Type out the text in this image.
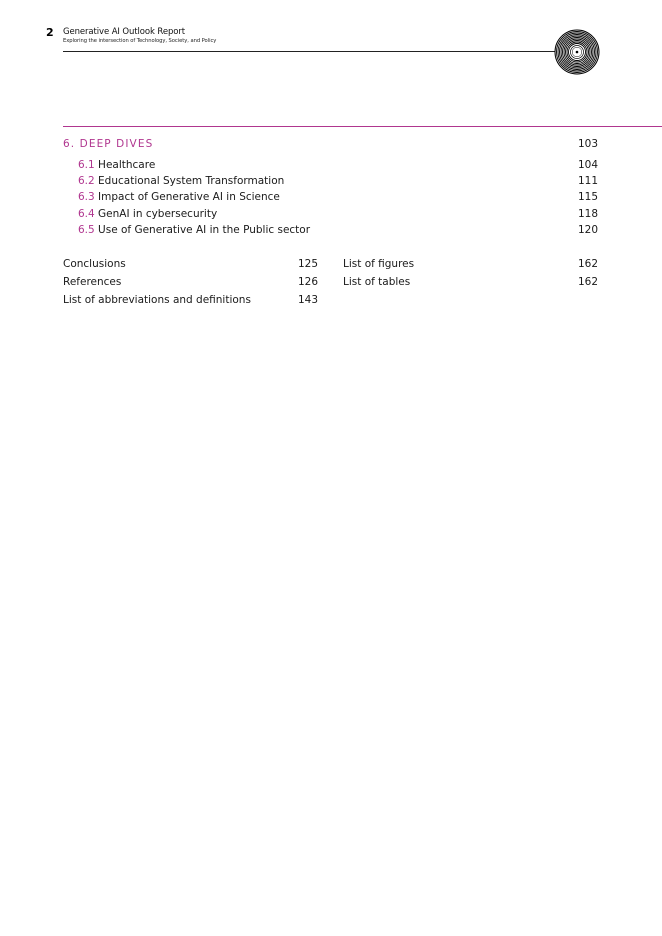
2 Generative AI Outlook Report
Exploring the intersection of Technology, Society, and Policy
6. DEEP DIVES	103
6.1 Healthcare	104
6.2 Educational System Transformation	111
6.3 Impact of Generative AI in Science	115
6.4 GenAI in cybersecurity	118
6.5 Use of Generative AI in the Public sector	120
Conclusions	125
References	126
List of abbreviations and definitions	143
List of figures	162
List of tables	162
